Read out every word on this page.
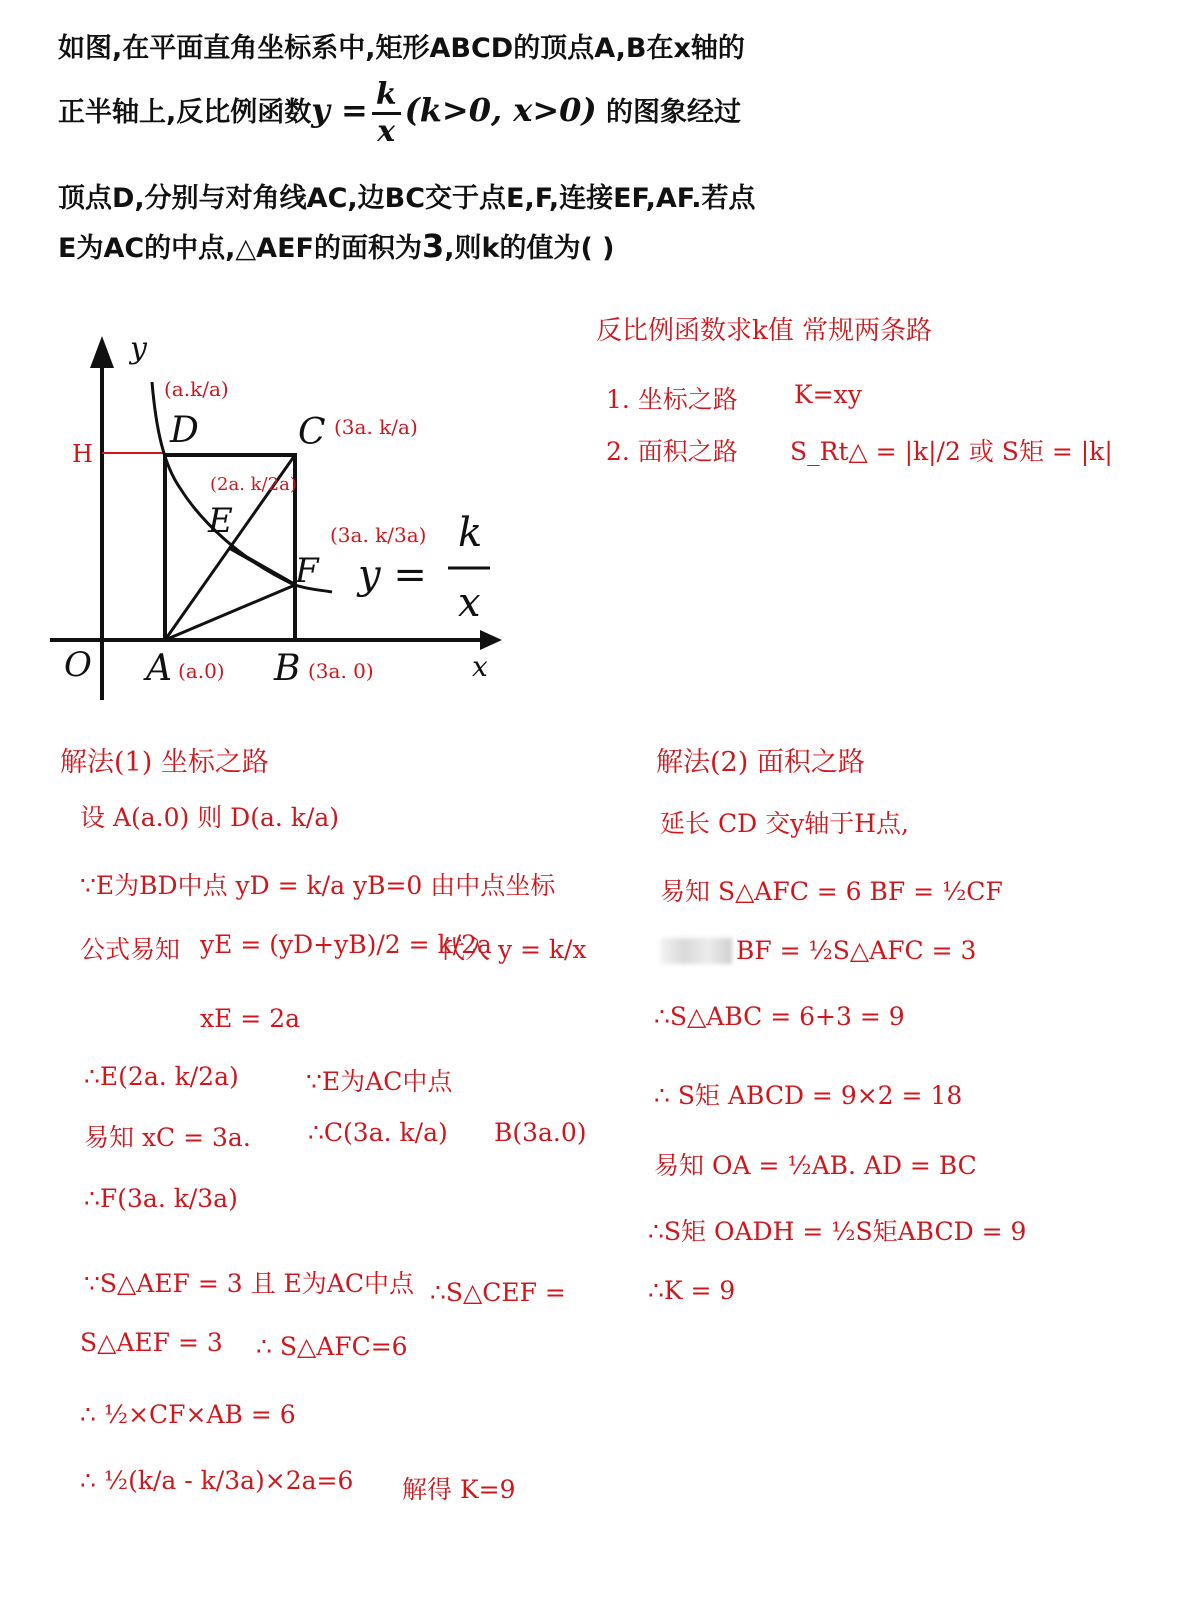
如图,在平面直角坐标系中,矩形ABCD的顶点A,B在x轴的
正半轴上,反比例函数$y = \frac{k}{x} (k>0$, x>0) 的图象经过
顶点D,分别与对角线AC,边BC交于点E,F,连接EF,AF.若点
E为AC的中点,△AEF的面积为3,则k的值为( )
y
x
O
H
D	C
E
F
A	B
(a.k/a)
(3a. k/a)
(2a. k/2a)
(3a. k/3a)
(a.0)	(3a. 0)
y =
k
x
反比例函数求k值 常规两条路
1. 坐标之路 K=xy
2. 面积之路 S_Rt△ = |k|/2 或 S矩 = |k|
解法(1) 坐标之路
设 A(a.0) 则 D(a. k/a)
∵E为BD中点 yD = k/a yB=0 由中点坐标
公式易知 yE = (yD+yB)/2 = k/2a
代入 y = k/x
xE = 2a
∴E(2a. k/2a)	∵E为AC中点
易知 xC = 3a. ∴C(3a. k/a) B(3a.0)
∴F(3a. k/3a)
∵S△AEF = 3 且 E为AC中点 ∴S△CEF =
S△AEF = 3 ∴ S△AFC=6
∴ ½×CF×AB = 6
∴ ½(k/a - k/3a)×2a=6 解得 K=9
解法(2) 面积之路
延长 CD 交y轴于H点,
易知 S△AFC = 6 BF = ½CF
BF = ½S△AFC = 3
∴S△ABC = 6+3 = 9
∴ S矩 ABCD = 9×2 = 18
易知 OA = ½AB. AD = BC
∴S矩 OADH = ½S矩ABCD = 9
∴K = 9
